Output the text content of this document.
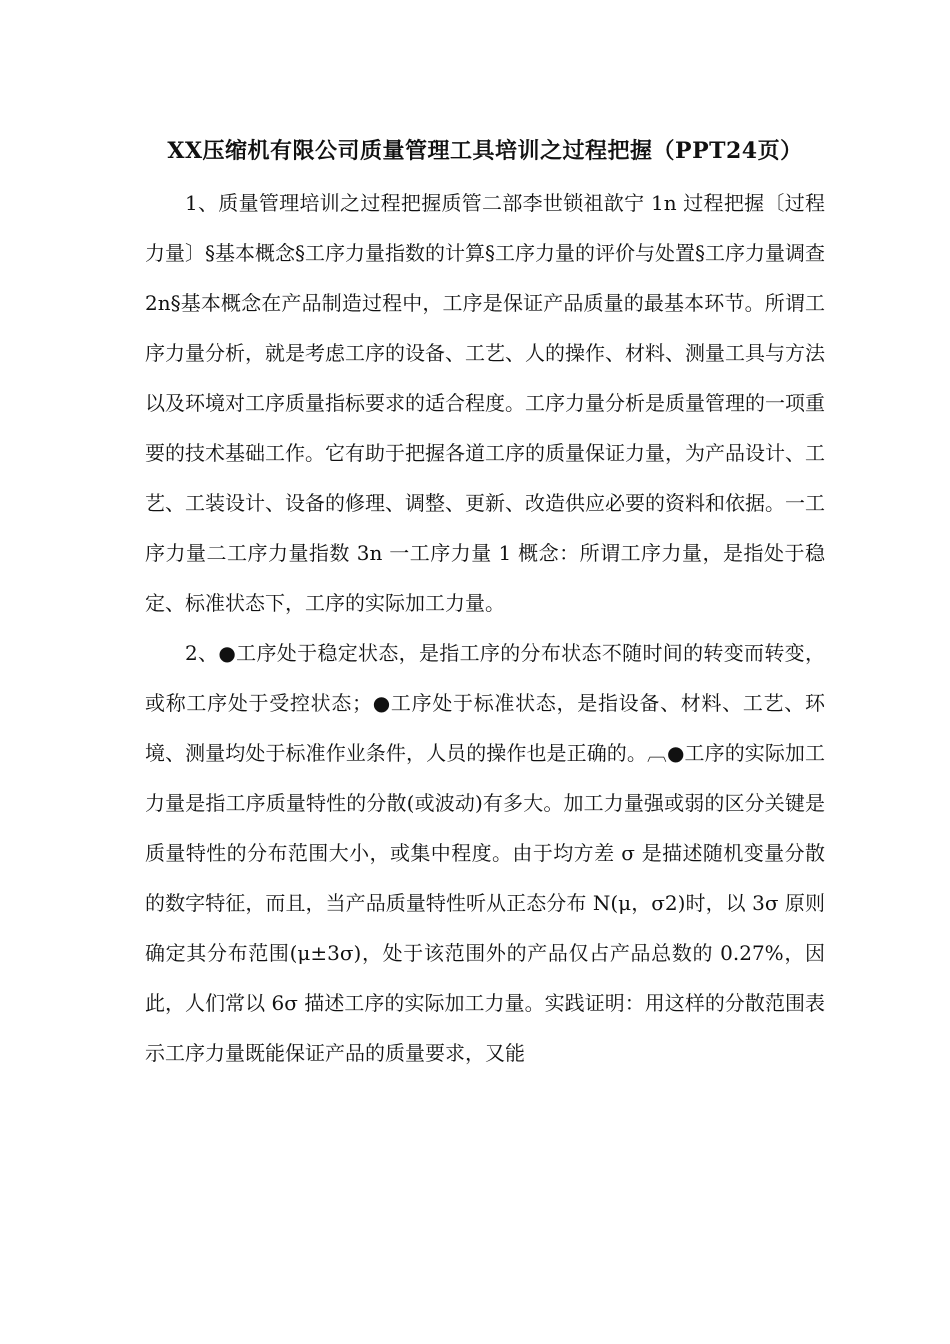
XX压缩机有限公司质量管理工具培训之过程把握（PPT24页）

1、质量管理培训之过程把握质管二部李世锁祖歆宁 1n 过程把握〔过程力量〕§基本概念§工序力量指数的计算§工序力量的评价与处置§工序力量调查 2n§基本概念在产品制造过程中，工序是保证产品质量的最基本环节。所谓工序力量分析，就是考虑工序的设备、工艺、人的操作、材料、测量工具与方法以及环境对工序质量指标要求的适合程度。工序力量分析是质量管理的一项重要的技术基础工作。它有助于把握各道工序的质量保证力量，为产品设计、工艺、工装设计、设备的修理、调整、更新、改造供应必要的资料和依据。一工序力量二工序力量指数 3n 一工序力量 1 概念：所谓工序力量，是指处于稳定、标准状态下，工序的实际加工力量。

2、●工序处于稳定状态，是指工序的分布状态不随时间的转变而转变，或称工序处于受控状态；●工序处于标准状态，是指设备、材料、工艺、环境、测量均处于标准作业条件，人员的操作也是正确的。︹●工序的实际加工力量是指工序质量特性的分散(或波动)有多大。加工力量强或弱的区分关键是质量特性的分布范围大小，或集中程度。由于均方差 σ 是描述随机变量分散的数字特征，而且，当产品质量特性听从正态分布 N(μ，σ2)时，以 3σ 原则确定其分布范围(μ±3σ)，处于该范围外的产品仅占产品总数的 0.27%，因此，人们常以 6σ 描述工序的实际加工力量。实践证明：用这样的分散范围表示工序力量既能保证产品的质量要求，又能
